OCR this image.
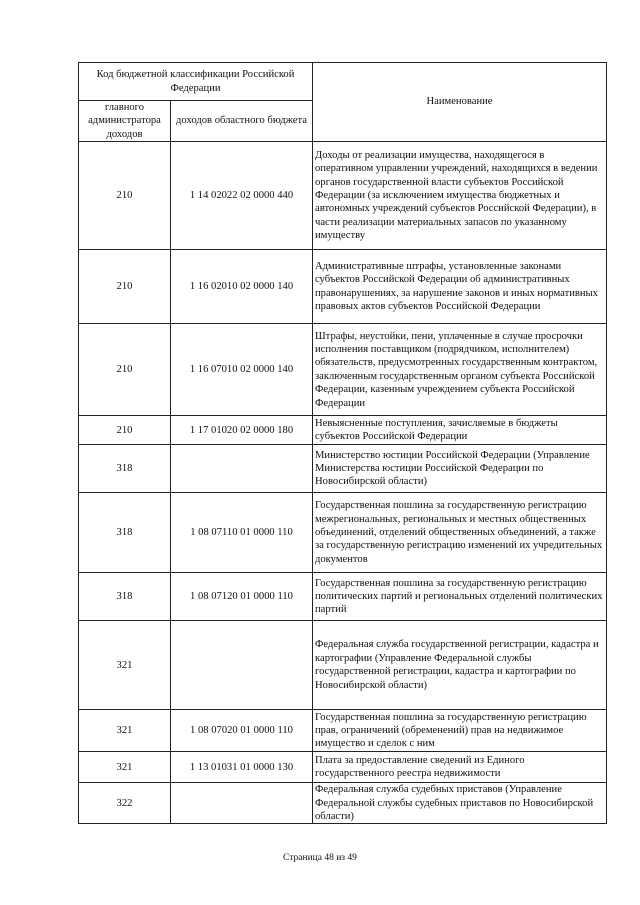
Код бюджетной классификации Российской Федерации		Наименование
главного администратора доходов	доходов областного бюджета	
210	1 14 02022 02 0000 440	Доходы от реализации имущества, находящегося в оперативном управлении учреждений, находящихся в ведении органов государственной власти субъектов Российской Федерации (за исключением имущества бюджетных и автономных учреждений субъектов Российской Федерации), в части реализации материальных запасов по указанному имуществу
210	1 16 02010 02 0000 140	Административные штрафы, установленные законами субъектов Российской Федерации об административных правонарушениях, за нарушение законов и иных нормативных правовых актов субъектов Российской Федерации
210	1 16 07010 02 0000 140	Штрафы, неустойки, пени, уплаченные в случае просрочки исполнения поставщиком (подрядчиком, исполнителем) обязательств, предусмотренных государственным контрактом, заключенным государственным органом субъекта Российской Федерации, казенным учреждением субъекта Российской Федерации
210	1 17 01020 02 0000 180	Невыясненные поступления, зачисляемые в бюджеты субъектов Российской Федерации
318		Министерство юстиции Российской Федерации (Управление Министерства юстиции Российской Федерации по Новосибирской области)
318	1 08 07110 01 0000 110	Государственная пошлина за государственную регистрацию межрегиональных, региональных и местных общественных объединений, отделений общественных объединений, а также за государственную регистрацию изменений их учредительных документов
318	1 08 07120 01 0000 110	Государственная пошлина за государственную регистрацию политических партий и региональных отделений политических партий
321		Федеральная служба государственной регистрации, кадастра и картографии (Управление Федеральной службы государственной регистрации, кадастра и картографии по Новосибирской области)
321	1 08 07020 01 0000 110	Государственная пошлина за государственную регистрацию прав, ограничений (обременений) прав на недвижимое имущество и сделок с ним
321	1 13 01031 01 0000 130	Плата за предоставление сведений из Единого государственного реестра недвижимости
322		Федеральная служба судебных приставов (Управление Федеральной службы судебных приставов по Новосибирской области)
Страница 48 из 49
